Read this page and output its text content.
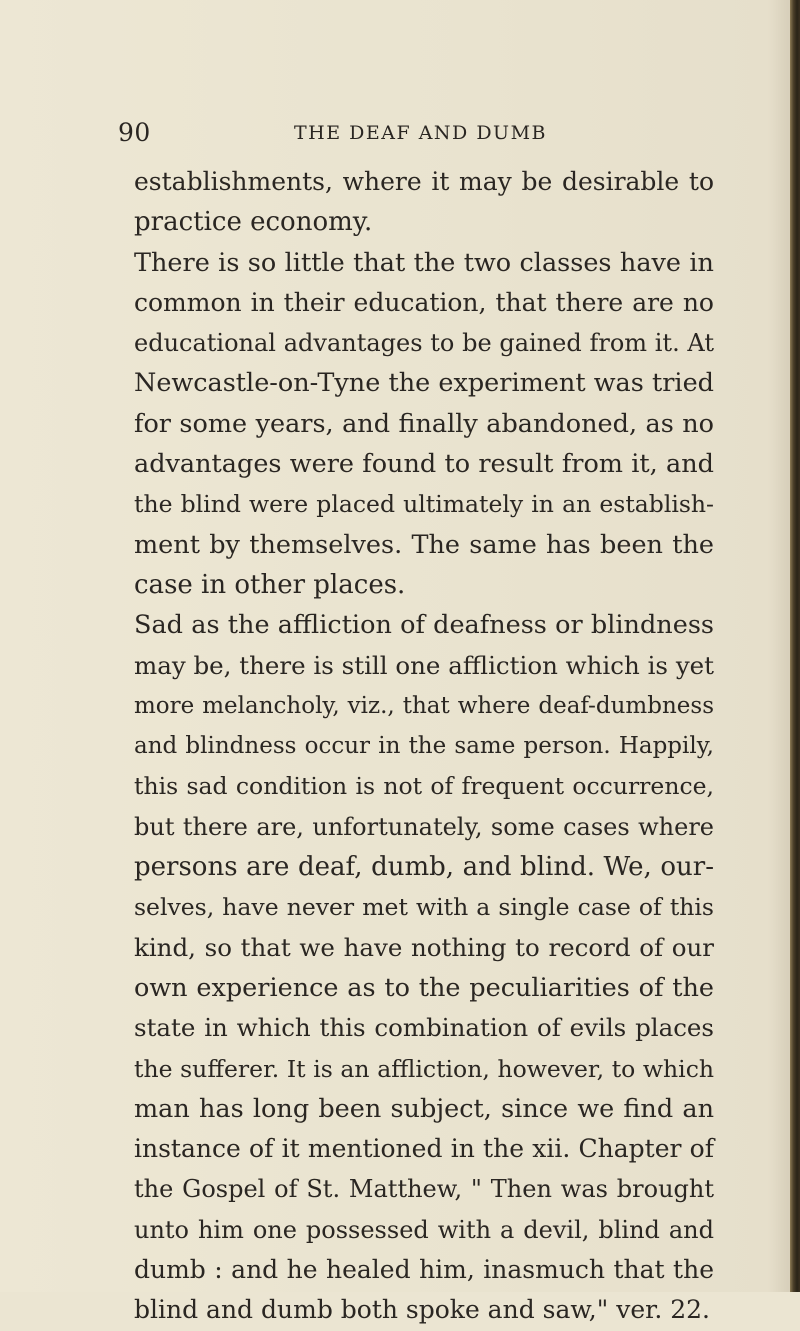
90	THE DEAF AND DUMB
establishments, where it may be desirable to
practice economy.
There is so little that the two classes have in
common in their education, that there are no
educational advantages to be gained from it. At
Newcastle-on-Tyne the experiment was tried
for some years, and finally abandoned, as no
advantages were found to result from it, and
the blind were placed ultimately in an establish-
ment by themselves. The same has been the
case in other places.
Sad as the affliction of deafness or blindness
may be, there is still one affliction which is yet
more melancholy, viz., that where deaf-dumbness
and blindness occur in the same person. Happily,
this sad condition is not of frequent occurrence,
but there are, unfortunately, some cases where
persons are deaf, dumb, and blind. We, our-
selves, have never met with a single case of this
kind, so that we have nothing to record of our
own experience as to the peculiarities of the
state in which this combination of evils places
the sufferer. It is an affliction, however, to which
man has long been subject, since we find an
instance of it mentioned in the xii. Chapter of
the Gospel of St. Matthew, " Then was brought
unto him one possessed with a devil, blind and
dumb : and he healed him, inasmuch that the
blind and dumb both spoke and saw," ver. 22.
